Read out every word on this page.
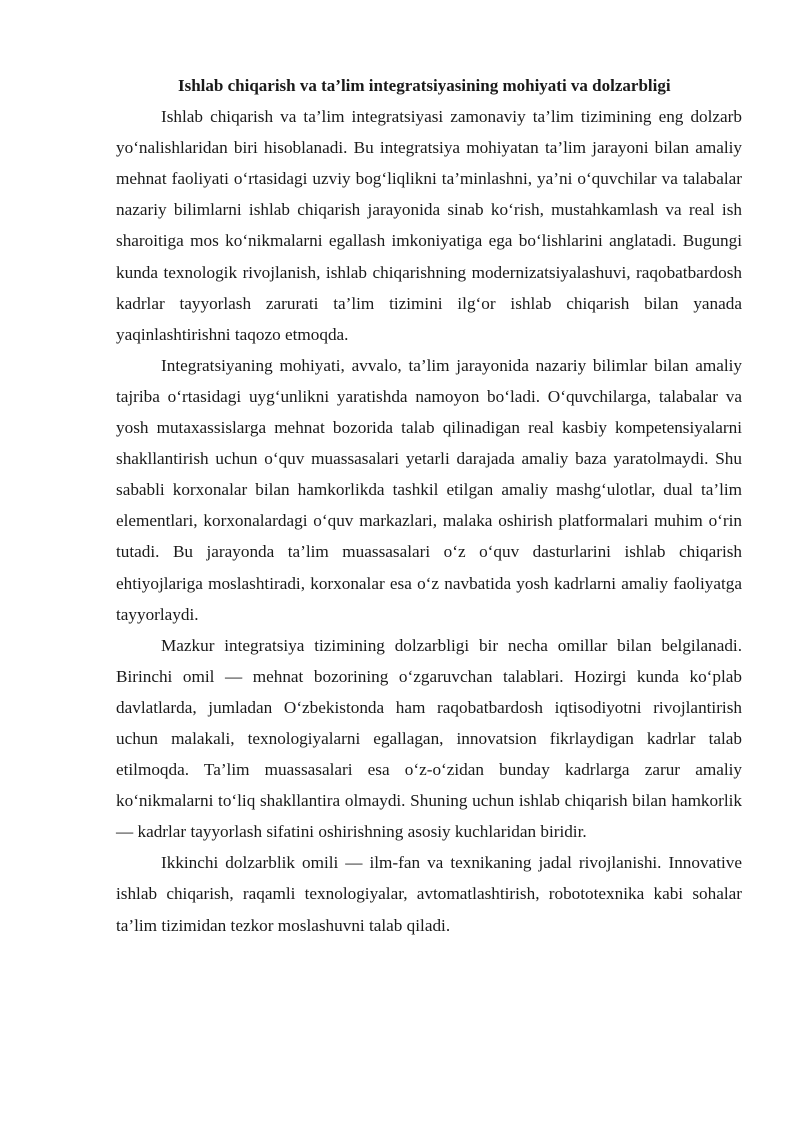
Ishlab chiqarish va ta’lim integratsiyasining mohiyati va dolzarbligi

Ishlab chiqarish va ta’lim integratsiyasi zamonaviy ta’lim tizimining eng dolzarb yo‘nalishlaridan biri hisoblanadi. Bu integratsiya mohiyatan ta’lim jarayoni bilan amaliy mehnat faoliyati o‘rtasidagi uzviy bog‘liqlikni ta’minlashni, ya’ni o‘quvchilar va talabalar nazariy bilimlarni ishlab chiqarish jarayonida sinab ko‘rish, mustahkamlash va real ish sharoitiga mos ko‘nikmalarni egallash imkoniyatiga ega bo‘lishlarini anglatadi. Bugungi kunda texnologik rivojlanish, ishlab chiqarishning modernizatsiyalashuvi, raqobatbardosh kadrlar tayyorlash zarurati ta’lim tizimini ilg‘or ishlab chiqarish bilan yanada yaqinlashtirishni taqozo etmoqda.

Integratsiyaning mohiyati, avvalo, ta’lim jarayonida nazariy bilimlar bilan amaliy tajriba o‘rtasidagi uyg‘unlikni yaratishda namoyon bo‘ladi. O‘quvchilarga, talabalar va yosh mutaxassislarga mehnat bozorida talab qilinadigan real kasbiy kompetensiyalarni shakllantirish uchun o‘quv muassasalari yetarli darajada amaliy baza yaratolmaydi. Shu sababli korxonalar bilan hamkorlikda tashkil etilgan amaliy mashg‘ulotlar, dual ta’lim elementlari, korxonalardagi o‘quv markazlari, malaka oshirish platformalari muhim o‘rin tutadi. Bu jarayonda ta’lim muassasalari o‘z o‘quv dasturlarini ishlab chiqarish ehtiyojlariga moslashtiradi, korxonalar esa o‘z navbatida yosh kadrlarni amaliy faoliyatga tayyorlaydi.

Mazkur integratsiya tizimining dolzarbligi bir necha omillar bilan belgilanadi. Birinchi omil — mehnat bozorining o‘zgaruvchan talablari. Hozirgi kunda ko‘plab davlatlarda, jumladan O‘zbekistonda ham raqobatbardosh iqtisodiyotni rivojlantirish uchun malakali, texnologiyalarni egallagan, innovatsion fikrlaydigan kadrlar talab etilmoqda. Ta’lim muassasalari esa o‘z-o‘zidan bunday kadrlarga zarur amaliy ko‘nikmalarni to‘liq shakllantira olmaydi. Shuning uchun ishlab chiqarish bilan hamkorlik — kadrlar tayyorlash sifatini oshirishning asosiy kuchlaridan biridir.

Ikkinchi dolzarblik omili — ilm-fan va texnikaning jadal rivojlanishi. Innovative ishlab chiqarish, raqamli texnologiyalar, avtomatlashtirish, robototexnika kabi sohalar ta’lim tizimidan tezkor moslashuvni talab qiladi.
